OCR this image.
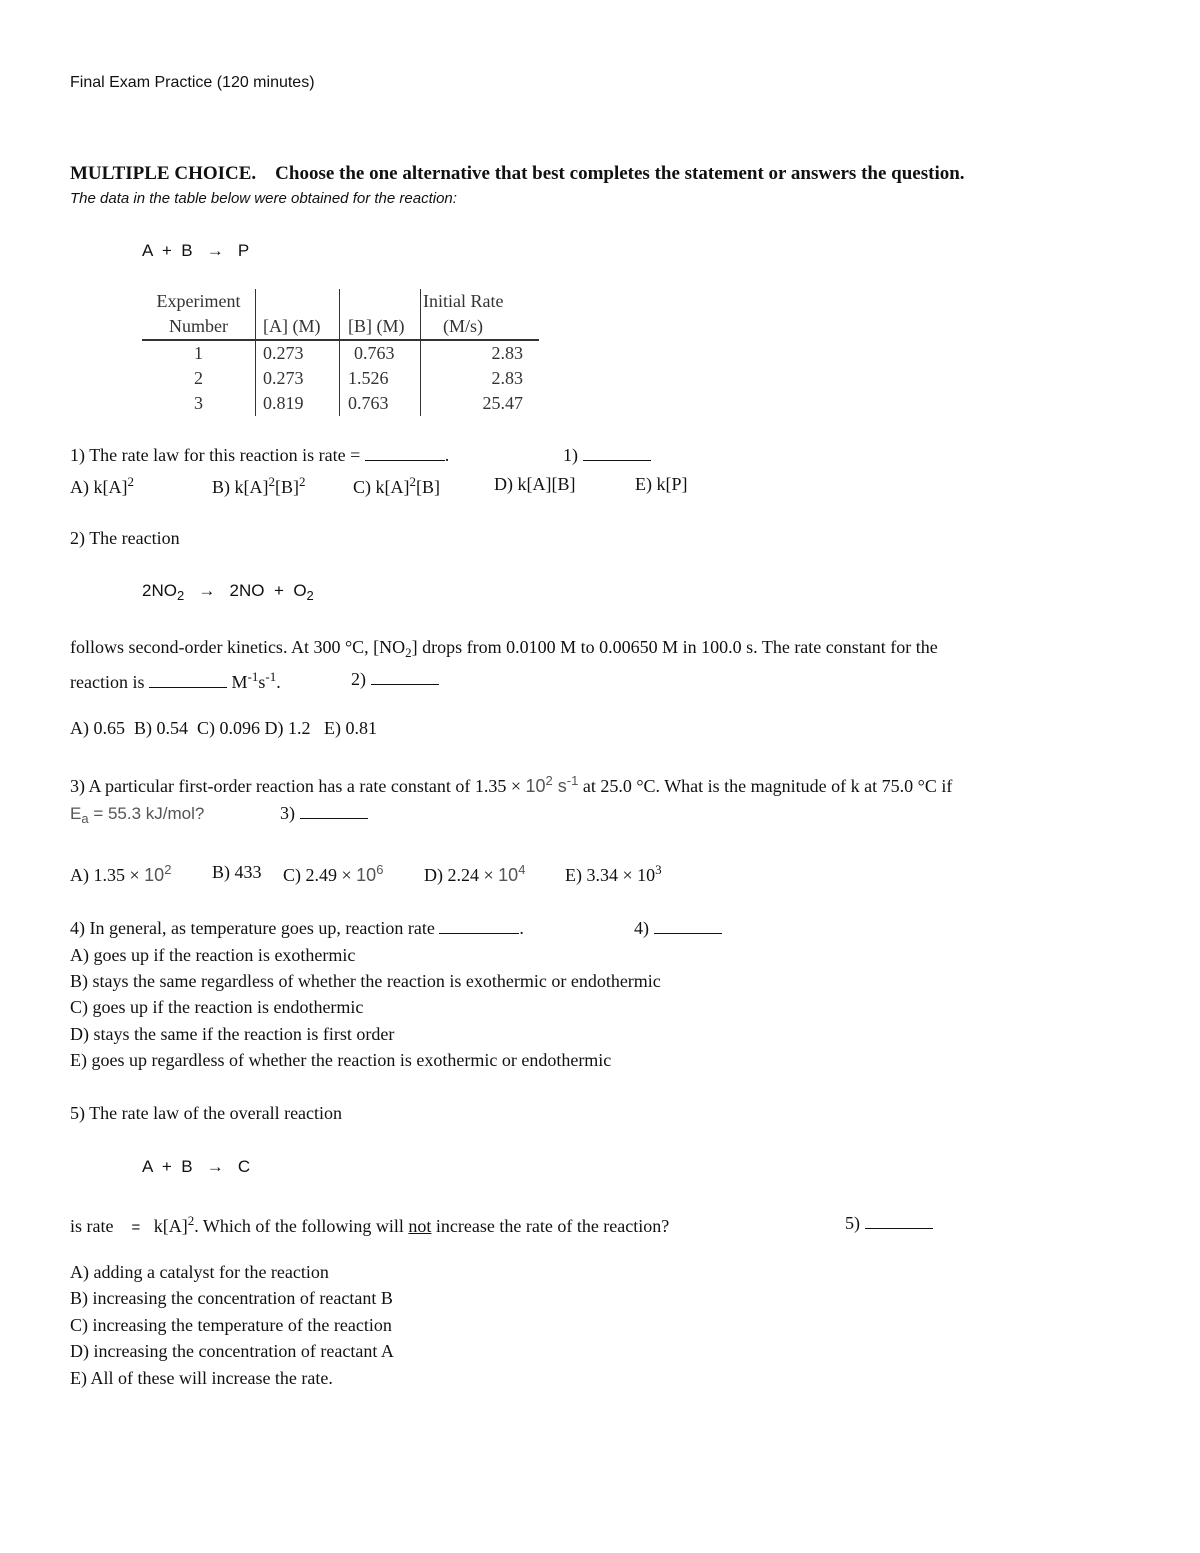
Final Exam Practice (120 minutes)
MULTIPLE CHOICE. Choose the one alternative that best completes the statement or answers the question.
The data in the table below were obtained for the reaction:
A  +  B → P
Experiment			Initial Rate
Number	[A] (M)	[B] (M)	(M/s)
1	0.273	0.763	2.83
2	0.273	1.526	2.83
3	0.819	0.763	25.47
1) The rate law for this reaction is rate =	.	1)
A) $k[A]^2$	B) $k[A]^2[B]^2$	C) $k[A]^2[B]$	D) k[A][B]	E) k[P]
2) The reaction
$2NO_2 \to 2NO + O_2$
follows second-order kinetics. At 300 °C, $[NO_2]$ drops from 0.0100 M to 0.00650 M in 100.0 s. The rate constant for the
reaction is	$M^{-1}s^{-1}$.	2)
A) 0.65  B) 0.54  C) 0.096 D) 1.2   E) 0.81
3) A particular first-order reaction has a rate constant of $1.35 \times 10^2$ $s^{-1}$ at 25.0 °C. What is the magnitude of k at 75.0 °C if
$E_a = 55.3$ kJ/mol?	3)
A) $1.35 \times 10^2$ B) 433 C) $2.49 \times 10^6$ D) $2.24 \times 10^4$ E) $3.34 \times 10^3$
4) In general, as temperature goes up, reaction rate	.	4)
A) goes up if the reaction is exothermic
B) stays the same regardless of whether the reaction is exothermic or endothermic
C) goes up if the reaction is endothermic
D) stays the same if the reaction is first order
E) goes up regardless of whether the reaction is exothermic or endothermic
5) The rate law of the overall reaction
A  +  B → C
is rate = $k[A]^2$. Which of the following will not increase the rate of the reaction?	5)
A) adding a catalyst for the reaction
B) increasing the concentration of reactant B
C) increasing the temperature of the reaction
D) increasing the concentration of reactant A
E) All of these will increase the rate.
